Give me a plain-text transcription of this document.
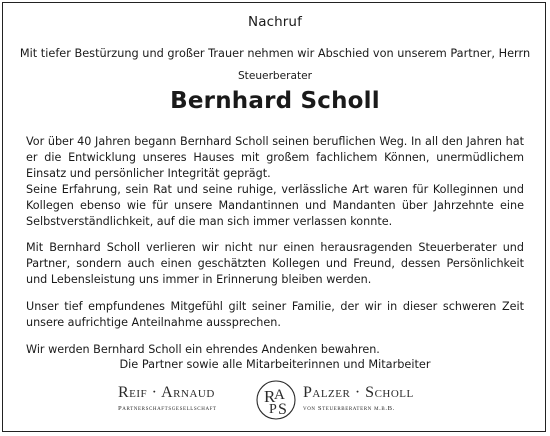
Nachruf
Mit tiefer Bestürzung und großer Trauer nehmen wir Abschied von unserem Partner, Herrn
Steuerberater
Bernhard Scholl

Vor über 40 Jahren begann Bernhard Scholl seinen beruflichen Weg. In all den Jahren hat er die Entwicklung unseres Hauses mit großem fachlichem Können, unermüdlichem Einsatz und persönlicher Integrität geprägt.

Seine Erfahrung, sein Rat und seine ruhige, verlässliche Art waren für Kolleginnen und Kollegen ebenso wie für unsere Mandantinnen und Mandanten über Jahrzehnte eine Selbstverständlichkeit, auf die man sich immer verlassen konnte.

Mit Bernhard Scholl verlieren wir nicht nur einen herausragenden Steuerberater und Partner, sondern auch einen geschätzten Kollegen und Freund, dessen Persönlichkeit und Lebensleistung uns immer in Erinnerung bleiben werden.

Unser tief empfundenes Mitgefühl gilt seiner Familie, der wir in dieser schweren Zeit unsere aufrichtige Anteilnahme aussprechen.

Wir werden Bernhard Scholl ein ehrendes Andenken bewahren.

Die Partner sowie alle Mitarbeiterinnen und Mitarbeiter
Reif · Arnaud
Partnerschaftsgesellschaft
R
A
P S
Palzer · Scholl
von Steuerberatern m.b.B.
